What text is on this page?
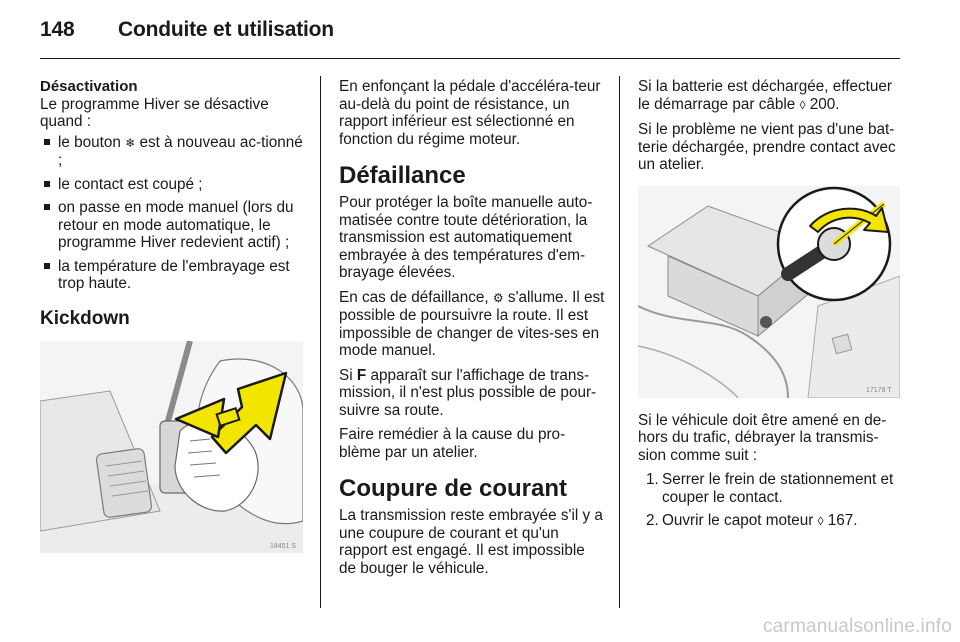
148 Conduite et utilisation

Désactivation

Le programme Hiver se désactive quand :

le bouton ❄ est à nouveau ac-tionné ;
le contact est coupé ;
on passe en mode manuel (lors du retour en mode automatique, le programme Hiver redevient actif) ;
la température de l'embrayage est trop haute.

Kickdown

18451 S

En enfonçant la pédale d'accéléra-teur au-delà du point de résistance, un rapport inférieur est sélectionné en fonction du régime moteur.

Défaillance

Pour protéger la boîte manuelle auto-matisée contre toute détérioration, la transmission est automatiquement embrayée à des températures d'em-brayage élevées.

En cas de défaillance, ⚙ s'allume. Il est possible de poursuivre la route. Il est impossible de changer de vites-ses en mode manuel.

Si F apparaît sur l'affichage de trans-mission, il n'est plus possible de pour-suivre sa route.

Faire remédier à la cause du pro-blème par un atelier.

Coupure de courant

La transmission reste embrayée s'il y a une coupure de courant et qu'un rapport est engagé. Il est impossible de bouger le véhicule.

Si la batterie est déchargée, effectuer le démarrage par câble ◊ 200.

Si le problème ne vient pas d'une bat-terie déchargée, prendre contact avec un atelier.

17178 T

Si le véhicule doit être amené en de-hors du trafic, débrayer la transmis-sion comme suit :

1. Serrer le frein de stationnement et couper le contact.
2. Ouvrir le capot moteur ◊ 167.
carmanualsonline.info
